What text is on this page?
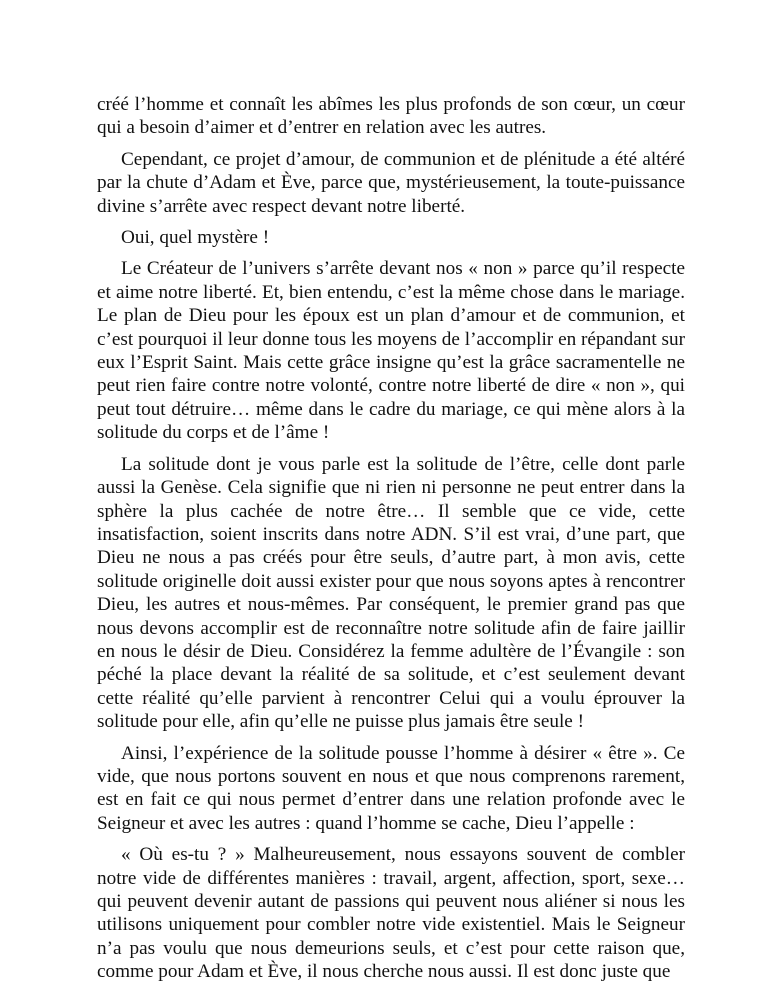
créé l’homme et connaît les abîmes les plus profonds de son cœur, un cœur qui a besoin d’aimer et d’entrer en relation avec les autres.

Cependant, ce projet d’amour, de communion et de plénitude a été altéré par la chute d’Adam et Ève, parce que, mystérieusement, la toute-puissance divine s’arrête avec respect devant notre liberté.

Oui, quel mystère !

Le Créateur de l’univers s’arrête devant nos « non » parce qu’il respecte et aime notre liberté. Et, bien entendu, c’est la même chose dans le mariage. Le plan de Dieu pour les époux est un plan d’amour et de communion, et c’est pourquoi il leur donne tous les moyens de l’accomplir en répandant sur eux l’Esprit Saint. Mais cette grâce insigne qu’est la grâce sacramentelle ne peut rien faire contre notre volonté, contre notre liberté de dire « non », qui peut tout détruire… même dans le cadre du mariage, ce qui mène alors à la solitude du corps et de l’âme !

La solitude dont je vous parle est la solitude de l’être, celle dont parle aussi la Genèse. Cela signifie que ni rien ni personne ne peut entrer dans la sphère la plus cachée de notre être… Il semble que ce vide, cette insatisfaction, soient inscrits dans notre ADN. S’il est vrai, d’une part, que Dieu ne nous a pas créés pour être seuls, d’autre part, à mon avis, cette solitude originelle doit aussi exister pour que nous soyons aptes à rencontrer Dieu, les autres et nous-mêmes. Par conséquent, le premier grand pas que nous devons accomplir est de reconnaître notre solitude afin de faire jaillir en nous le désir de Dieu. Considérez la femme adultère de l’Évangile : son péché la place devant la réalité de sa solitude, et c’est seulement devant cette réalité qu’elle parvient à rencontrer Celui qui a voulu éprouver la solitude pour elle, afin qu’elle ne puisse plus jamais être seule !

Ainsi, l’expérience de la solitude pousse l’homme à désirer « être ». Ce vide, que nous portons souvent en nous et que nous comprenons rarement, est en fait ce qui nous permet d’entrer dans une relation profonde avec le Seigneur et avec les autres : quand l’homme se cache, Dieu l’appelle :

« Où es-tu ? » Malheureusement, nous essayons souvent de combler notre vide de différentes manières : travail, argent, affection, sport, sexe… qui peuvent devenir autant de passions qui peuvent nous aliéner si nous les utilisons uniquement pour combler notre vide existentiel. Mais le Seigneur n’a pas voulu que nous demeurions seuls, et c’est pour cette raison que, comme pour Adam et Ève, il nous cherche nous aussi. Il est donc juste que
